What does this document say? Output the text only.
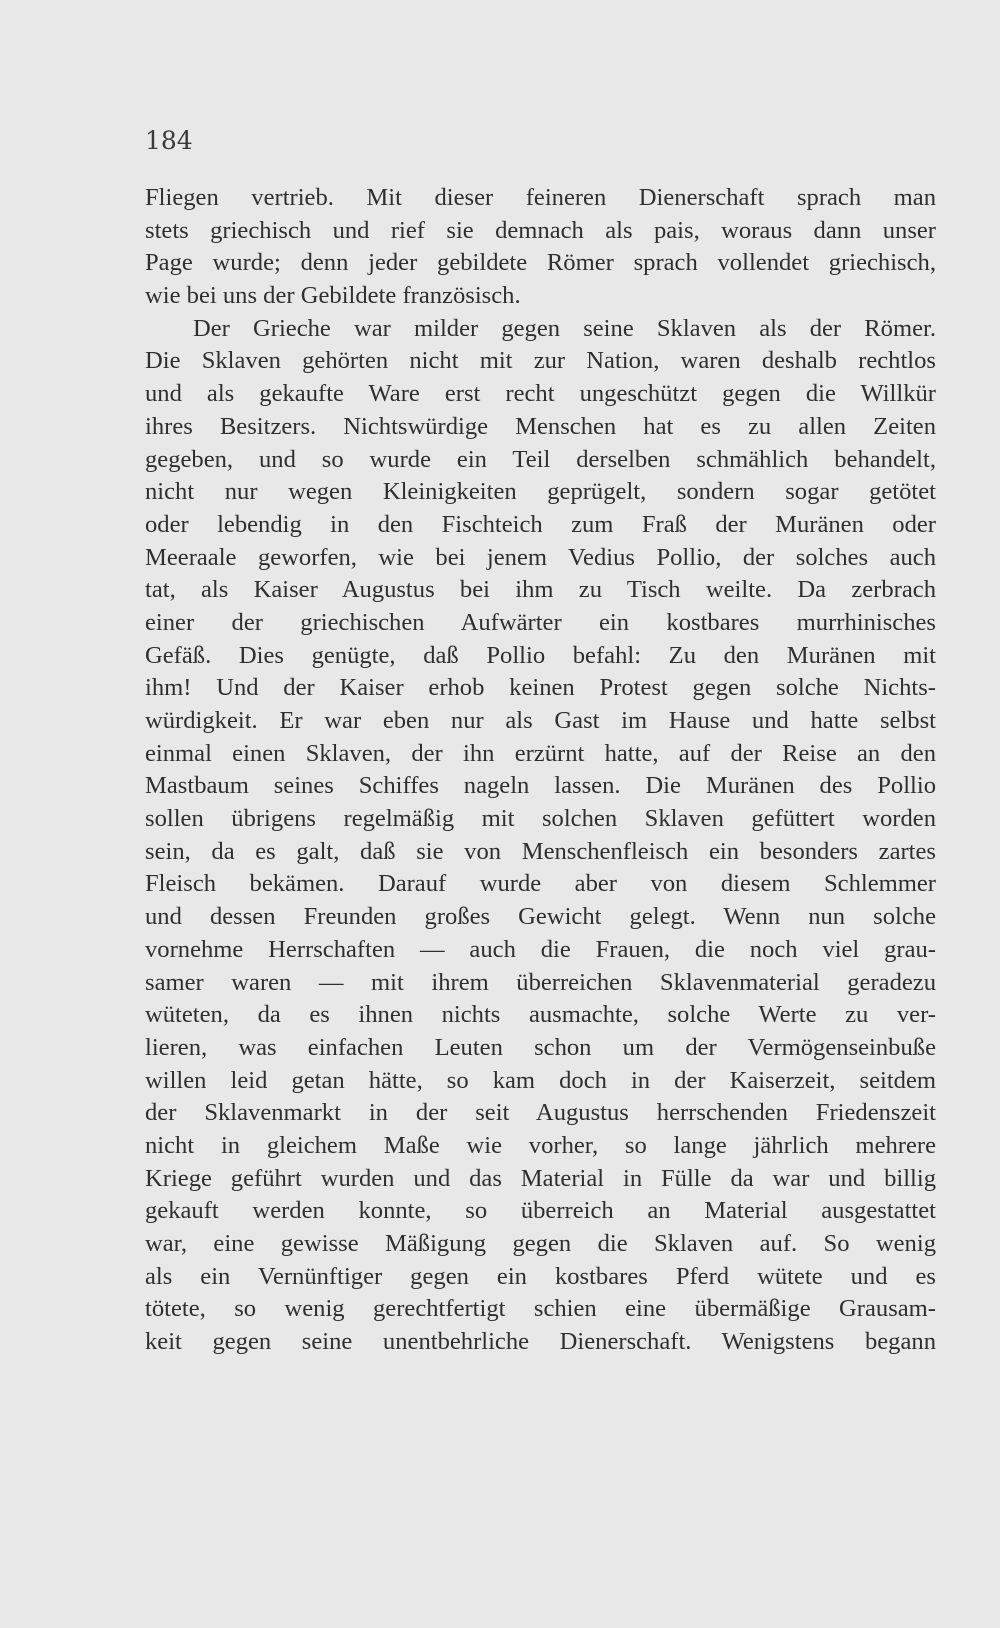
184

Fliegen vertrieb. Mit dieser feineren Dienerschaft sprach man
stets griechisch und rief sie demnach als pais, woraus dann unser
Page wurde; denn jeder gebildete Römer sprach vollendet griechisch,
wie bei uns der Gebildete französisch.
Der Grieche war milder gegen seine Sklaven als der Römer.
Die Sklaven gehörten nicht mit zur Nation, waren deshalb rechtlos
und als gekaufte Ware erst recht ungeschützt gegen die Willkür
ihres Besitzers. Nichtswürdige Menschen hat es zu allen Zeiten
gegeben, und so wurde ein Teil derselben schmählich behandelt,
nicht nur wegen Kleinigkeiten geprügelt, sondern sogar getötet
oder lebendig in den Fischteich zum Fraß der Muränen oder
Meeraale geworfen, wie bei jenem Vedius Pollio, der solches auch
tat, als Kaiser Augustus bei ihm zu Tisch weilte. Da zerbrach
einer der griechischen Aufwärter ein kostbares murrhinisches
Gefäß. Dies genügte, daß Pollio befahl: Zu den Muränen mit
ihm! Und der Kaiser erhob keinen Protest gegen solche Nichts-
würdigkeit. Er war eben nur als Gast im Hause und hatte selbst
einmal einen Sklaven, der ihn erzürnt hatte, auf der Reise an den
Mastbaum seines Schiffes nageln lassen. Die Muränen des Pollio
sollen übrigens regelmäßig mit solchen Sklaven gefüttert worden
sein, da es galt, daß sie von Menschenfleisch ein besonders zartes
Fleisch bekämen. Darauf wurde aber von diesem Schlemmer
und dessen Freunden großes Gewicht gelegt. Wenn nun solche
vornehme Herrschaften — auch die Frauen, die noch viel grau-
samer waren — mit ihrem überreichen Sklavenmaterial geradezu
wüteten, da es ihnen nichts ausmachte, solche Werte zu ver-
lieren, was einfachen Leuten schon um der Vermögenseinbuße
willen leid getan hätte, so kam doch in der Kaiserzeit, seitdem
der Sklavenmarkt in der seit Augustus herrschenden Friedenszeit
nicht in gleichem Maße wie vorher, so lange jährlich mehrere
Kriege geführt wurden und das Material in Fülle da war und billig
gekauft werden konnte, so überreich an Material ausgestattet
war, eine gewisse Mäßigung gegen die Sklaven auf. So wenig
als ein Vernünftiger gegen ein kostbares Pferd wütete und es
tötete, so wenig gerechtfertigt schien eine übermäßige Grausam-
keit gegen seine unentbehrliche Dienerschaft. Wenigstens begann
